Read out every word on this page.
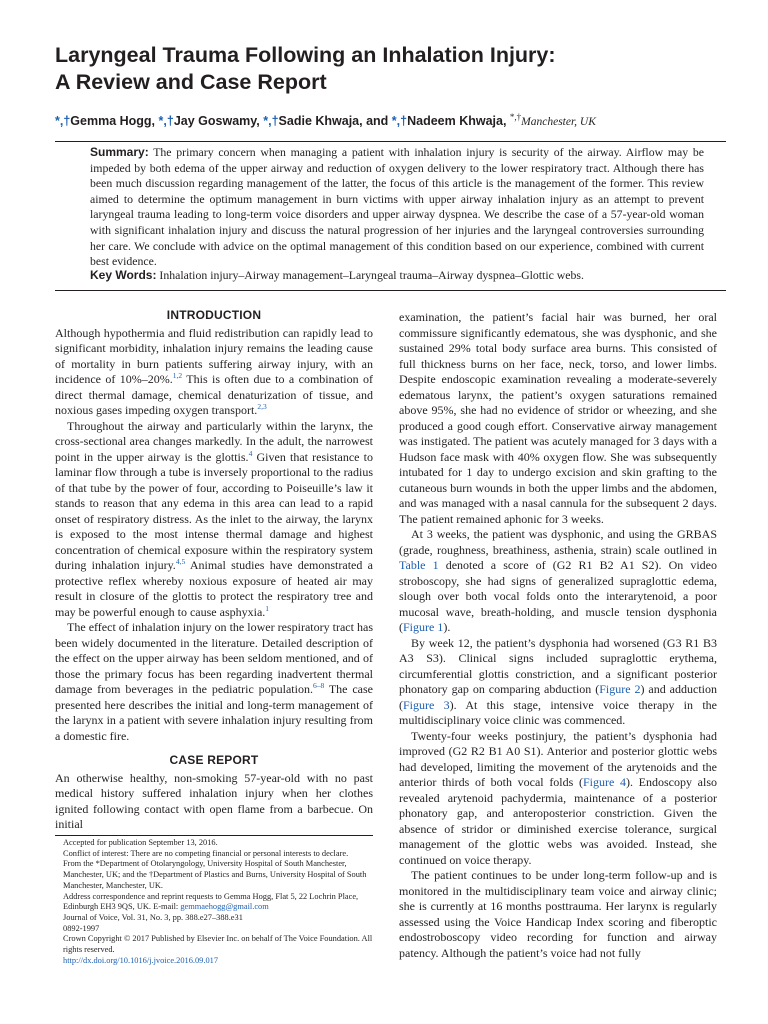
Laryngeal Trauma Following an Inhalation Injury:
A Review and Case Report
*,†Gemma Hogg, *,†Jay Goswamy, *,†Sadie Khwaja, and *,†Nadeem Khwaja, *,†Manchester, UK
Summary: The primary concern when managing a patient with inhalation injury is security of the airway. Airflow may be impeded by both edema of the upper airway and reduction of oxygen delivery to the lower respiratory tract. Although there has been much discussion regarding management of the latter, the focus of this article is the management of the former. This review aimed to determine the optimum management in burn victims with upper airway inhalation injury as an attempt to prevent laryngeal trauma leading to long-term voice disorders and upper airway dyspnea. We describe the case of a 57-year-old woman with significant inhalation injury and discuss the natural progression of her injuries and the laryngeal controversies surrounding her care. We conclude with advice on the optimal management of this condition based on our experience, combined with current best evidence.
Key Words: Inhalation injury–Airway management–Laryngeal trauma–Airway dyspnea–Glottic webs.
INTRODUCTION

Although hypothermia and fluid redistribution can rapidly lead to significant morbidity, inhalation injury remains the leading cause of mortality in burn patients suffering airway injury, with an incidence of 10%–20%.$^{1,2}$ This is often due to a combination of direct thermal damage, chemical denaturization of tissue, and noxious gases impeding oxygen transport.$^{2,3}$

Throughout the airway and particularly within the larynx, the cross-sectional area changes markedly. In the adult, the narrowest point in the upper airway is the glottis.$^4$ Given that resistance to laminar flow through a tube is inversely proportional to the radius of that tube by the power of four, according to Poiseuille’s law it stands to reason that any edema in this area can lead to a rapid onset of respiratory distress. As the inlet to the airway, the larynx is exposed to the most intense thermal damage and highest concentration of chemical exposure within the respiratory system during inhalation injury.$^{4,5}$ Animal studies have demonstrated a protective reflex whereby noxious exposure of heated air may result in closure of the glottis to protect the respiratory tree and may be powerful enough to cause asphyxia.$^1$

The effect of inhalation injury on the lower respiratory tract has been widely documented in the literature. Detailed description of the effect on the upper airway has been seldom mentioned, and of those the primary focus has been regarding inadvertent thermal damage from beverages in the pediatric population.$^{6-8}$ The case presented here describes the initial and long-term management of the larynx in a patient with severe inhalation injury resulting from a domestic fire.

CASE REPORT

An otherwise healthy, non-smoking 57-year-old with no past medical history suffered inhalation injury when her clothes ignited following contact with open flame from a barbecue. On initial

Accepted for publication September 13, 2016.
Conflict of interest: There are no competing financial or personal interests to declare.
From the *Department of Otolaryngology, University Hospital of South Manchester, Manchester, UK; and the †Department of Plastics and Burns, University Hospital of South Manchester, Manchester, UK.
Address correspondence and reprint requests to Gemma Hogg, Flat 5, 22 Lochrin Place, Edinburgh EH3 9QS, UK. E-mail: gemmaehogg@gmail.com
Journal of Voice, Vol. 31, No. 3, pp. 388.e27–388.e31
0892-1997
Crown Copyright © 2017 Published by Elsevier Inc. on behalf of The Voice Foundation. All rights reserved.
http://dx.doi.org/10.1016/j.jvoice.2016.09.017

examination, the patient’s facial hair was burned, her oral commissure significantly edematous, she was dysphonic, and she sustained 29% total body surface area burns. This consisted of full thickness burns on her face, neck, torso, and lower limbs. Despite endoscopic examination revealing a moderate-severely edematous larynx, the patient’s oxygen saturations remained above 95%, she had no evidence of stridor or wheezing, and she produced a good cough effort. Conservative airway management was instigated. The patient was acutely managed for 3 days with a Hudson face mask with 40% oxygen flow. She was subsequently intubated for 1 day to undergo excision and skin grafting to the cutaneous burn wounds in both the upper limbs and the abdomen, and was managed with a nasal cannula for the subsequent 2 days. The patient remained aphonic for 3 weeks.

At 3 weeks, the patient was dysphonic, and using the GRBAS (grade, roughness, breathiness, asthenia, strain) scale outlined in Table 1 denoted a score of (G2 R1 B2 A1 S2). On video stroboscopy, she had signs of generalized supraglottic edema, slough over both vocal folds onto the interarytenoid, a poor mucosal wave, breath-holding, and muscle tension dysphonia (Figure 1).

By week 12, the patient’s dysphonia had worsened (G3 R1 B3 A3 S3). Clinical signs included supraglottic erythema, circumferential glottis constriction, and a significant posterior phonatory gap on comparing abduction (Figure 2) and adduction (Figure 3). At this stage, intensive voice therapy in the multidisciplinary voice clinic was commenced.

Twenty-four weeks postinjury, the patient’s dysphonia had improved (G2 R2 B1 A0 S1). Anterior and posterior glottic webs had developed, limiting the movement of the arytenoids and the anterior thirds of both vocal folds (Figure 4). Endoscopy also revealed arytenoid pachydermia, maintenance of a posterior phonatory gap, and anteroposterior constriction. Given the absence of stridor or diminished exercise tolerance, surgical management of the glottic webs was avoided. Instead, she continued on voice therapy.

The patient continues to be under long-term follow-up and is monitored in the multidisciplinary team voice and airway clinic; she is currently at 16 months posttrauma. Her larynx is regularly assessed using the Voice Handicap Index scoring and fiberoptic endostroboscopy video recording for function and airway patency. Although the patient’s voice had not fully
